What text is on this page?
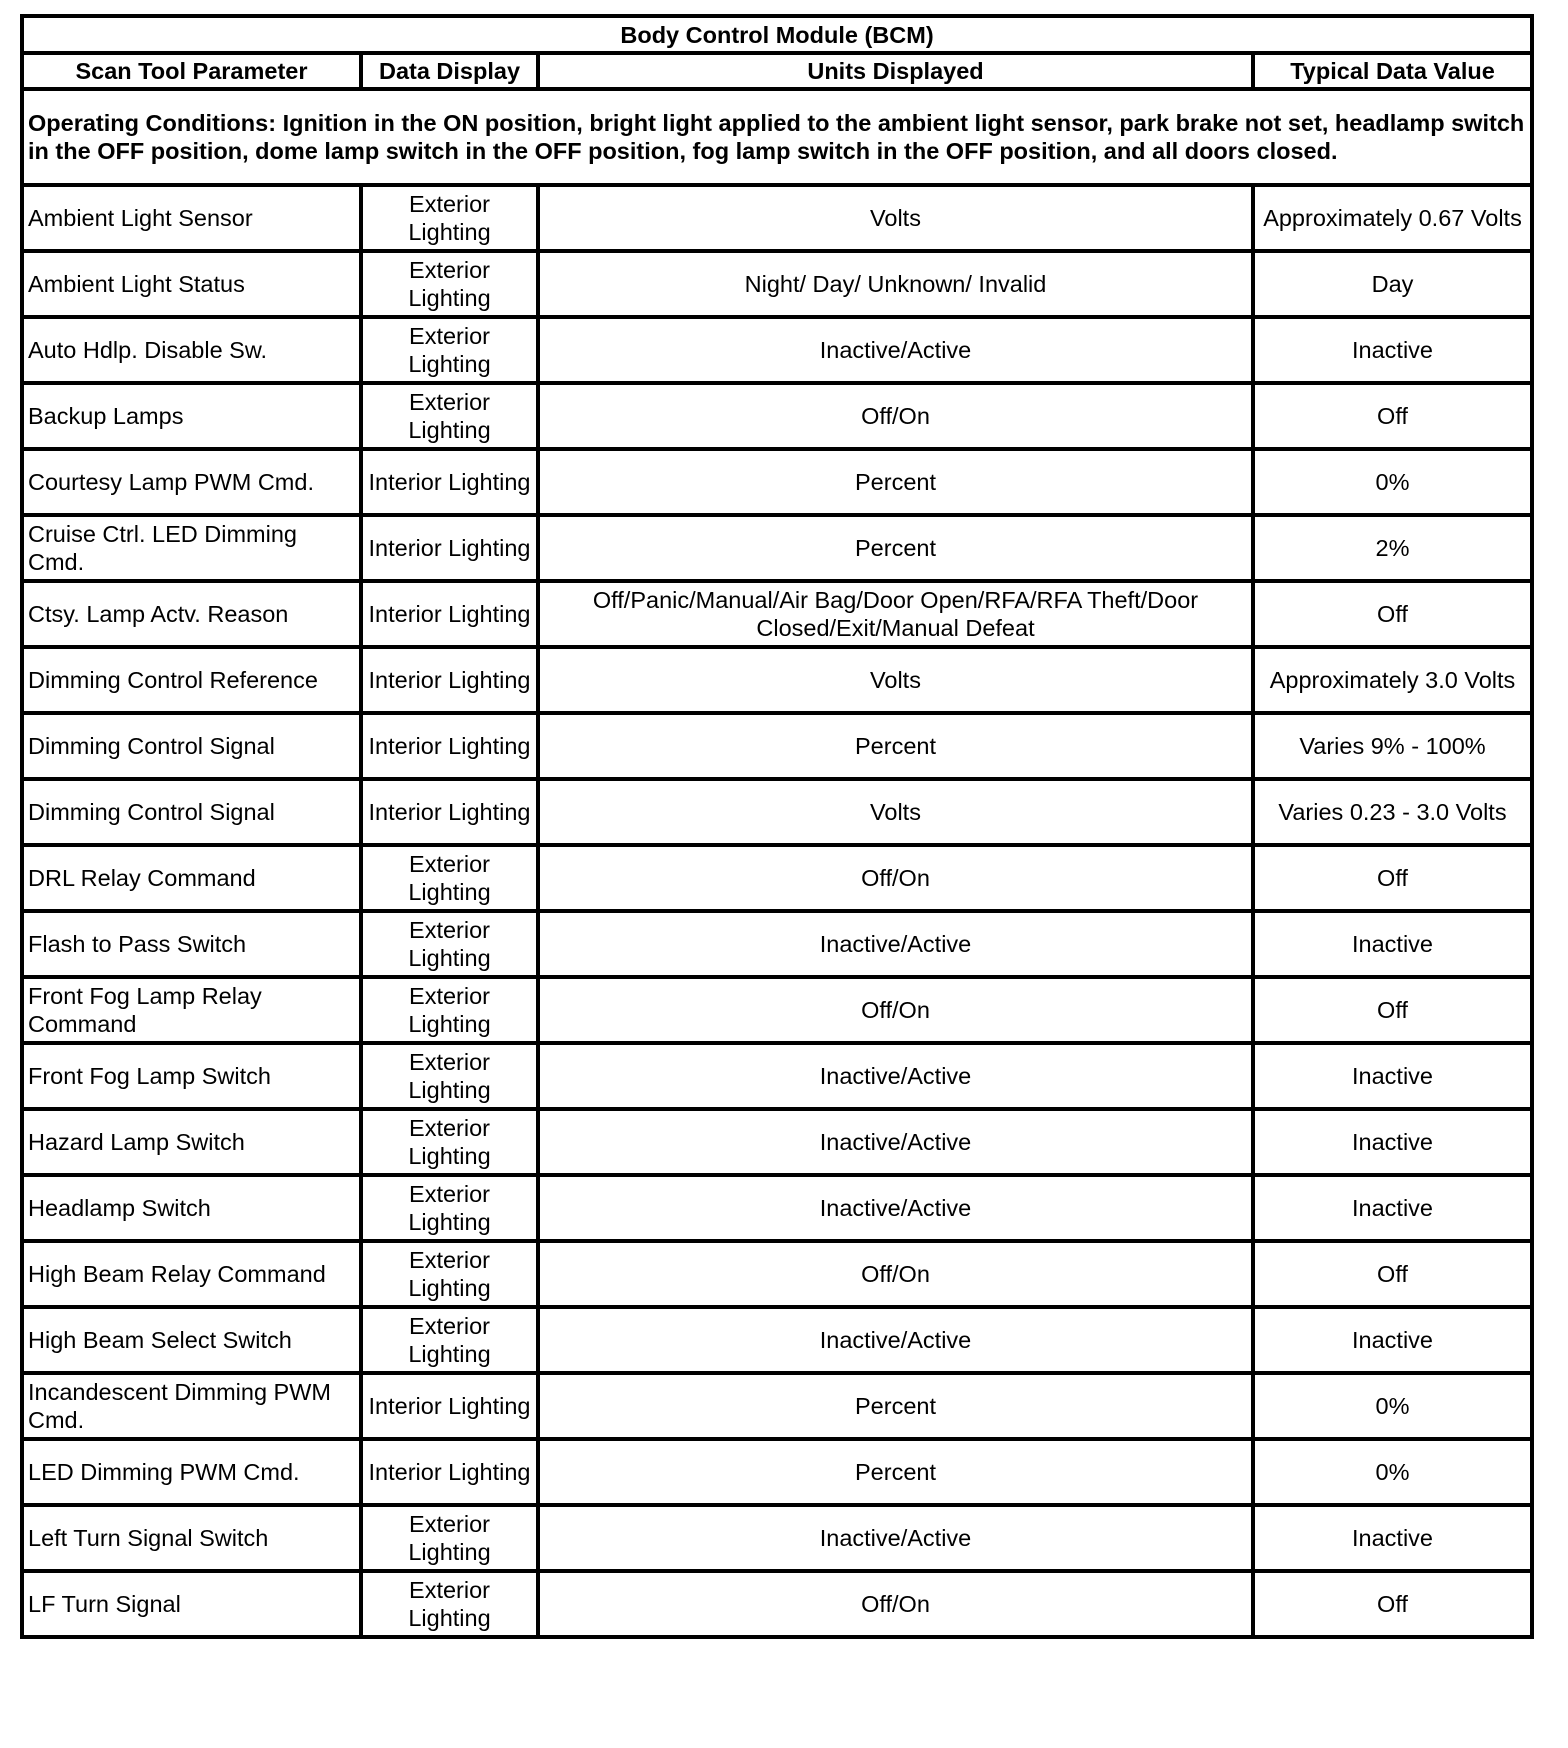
Body Control Module (BCM)			
Scan Tool Parameter	Data Display	Units Displayed	Typical Data Value
Operating Conditions: Ignition in the ON position, bright light applied to the ambient light sensor, park brake not set, headlamp switch in the OFF position, dome lamp switch in the OFF position, fog lamp switch in the OFF position, and all doors closed.			
Ambient Light Sensor	Exterior Lighting	Volts	Approximately 0.67 Volts
Ambient Light Status	Exterior Lighting	Night/ Day/ Unknown/ Invalid	Day
Auto Hdlp. Disable Sw.	Exterior Lighting	Inactive/Active	Inactive
Backup Lamps	Exterior Lighting	Off/On	Off
Courtesy Lamp PWM Cmd.	Interior Lighting	Percent	0%
Cruise Ctrl. LED Dimming Cmd.	Interior Lighting	Percent	2%
Ctsy. Lamp Actv. Reason	Interior Lighting	Off/Panic/Manual/Air Bag/Door Open/RFA/RFA Theft/Door Closed/Exit/Manual Defeat	Off
Dimming Control Reference	Interior Lighting	Volts	Approximately 3.0 Volts
Dimming Control Signal	Interior Lighting	Percent	Varies 9% - 100%
Dimming Control Signal	Interior Lighting	Volts	Varies 0.23 - 3.0 Volts
DRL Relay Command	Exterior Lighting	Off/On	Off
Flash to Pass Switch	Exterior Lighting	Inactive/Active	Inactive
Front Fog Lamp Relay Command	Exterior Lighting	Off/On	Off
Front Fog Lamp Switch	Exterior Lighting	Inactive/Active	Inactive
Hazard Lamp Switch	Exterior Lighting	Inactive/Active	Inactive
Headlamp Switch	Exterior Lighting	Inactive/Active	Inactive
High Beam Relay Command	Exterior Lighting	Off/On	Off
High Beam Select Switch	Exterior Lighting	Inactive/Active	Inactive
Incandescent Dimming PWM Cmd.	Interior Lighting	Percent	0%
LED Dimming PWM Cmd.	Interior Lighting	Percent	0%
Left Turn Signal Switch	Exterior Lighting	Inactive/Active	Inactive
LF Turn Signal	Exterior Lighting	Off/On	Off
